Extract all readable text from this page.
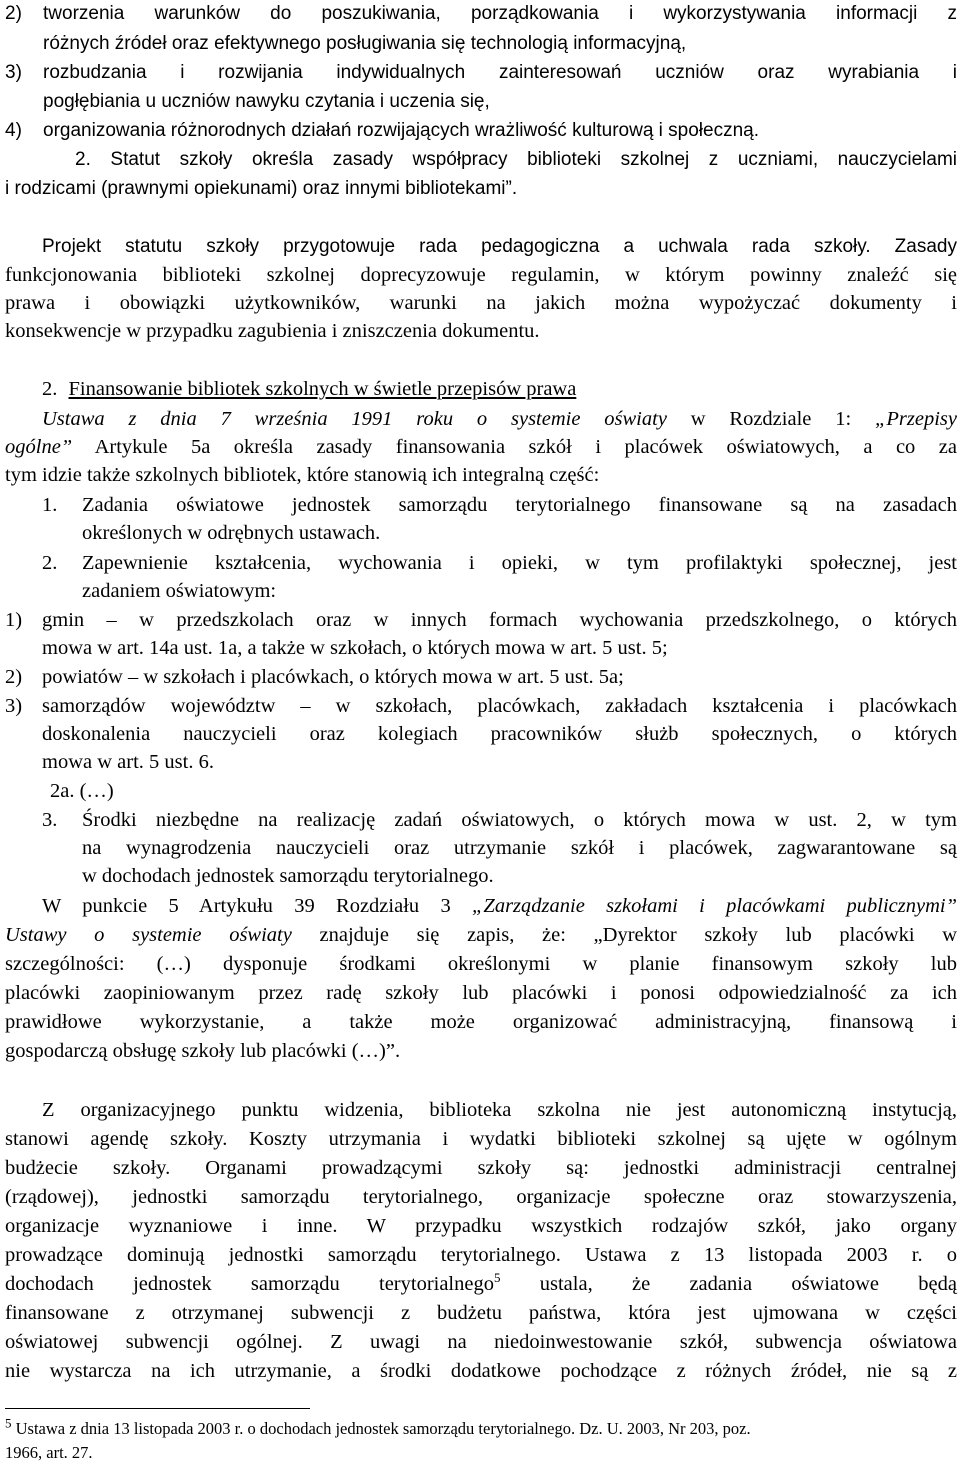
2) tworzenia warunków do poszukiwania, porządkowania i wykorzystywania informacji z
różnych źródeł oraz efektywnego posługiwania się technologią informacyjną,
3) rozbudzania i rozwijania indywidualnych zainteresowań uczniów oraz wyrabiania i
pogłębiania u uczniów nawyku czytania i uczenia się,
4) organizowania różnorodnych działań rozwijających wrażliwość kulturową i społeczną.
2. Statut szkoły określa zasady współpracy biblioteki szkolnej z uczniami, nauczycielami
i rodzicami (prawnymi opiekunami) oraz innymi bibliotekami”.
Projekt statutu szkoły przygotowuje rada pedagogiczna a uchwala rada szkoły. Zasady
funkcjonowania biblioteki szkolnej doprecyzowuje regulamin, w którym powinny znaleźć się
prawa i obowiązki użytkowników, warunki na jakich można wypożyczać dokumenty i
konsekwencje w przypadku zagubienia i zniszczenia dokumentu.
2. Finansowanie bibliotek szkolnych w świetle przepisów prawa
Ustawa z dnia 7 września 1991 roku o systemie oświaty w Rozdziale 1: „Przepisy
ogólne” Artykule 5a określa zasady finansowania szkół i placówek oświatowych, a co za
tym idzie także szkolnych bibliotek, które stanowią ich integralną część:
1. Zadania oświatowe jednostek samorządu terytorialnego finansowane są na zasadach
określonych w odrębnych ustawach.
2. Zapewnienie kształcenia, wychowania i opieki, w tym profilaktyki społecznej, jest
zadaniem oświatowym:
1) gmin – w przedszkolach oraz w innych formach wychowania przedszkolnego, o których
mowa w art. 14a ust. 1a, a także w szkołach, o których mowa w art. 5 ust. 5;
2) powiatów – w szkołach i placówkach, o których mowa w art. 5 ust. 5a;
3) samorządów województw – w szkołach, placówkach, zakładach kształcenia i placówkach
doskonalenia nauczycieli oraz kolegiach pracowników służb społecznych, o których
mowa w art. 5 ust. 6.
2a. (…)
3. Środki niezbędne na realizację zadań oświatowych, o których mowa w ust. 2, w tym
na wynagrodzenia nauczycieli oraz utrzymanie szkół i placówek, zagwarantowane są
w dochodach jednostek samorządu terytorialnego.
W punkcie 5 Artykułu 39 Rozdziału 3 „Zarządzanie szkołami i placówkami publicznymi”
Ustawy o systemie oświaty znajduje się zapis, że: „Dyrektor szkoły lub placówki w
szczególności: (…) dysponuje środkami określonymi w planie finansowym szkoły lub
placówki zaopiniowanym przez radę szkoły lub placówki i ponosi odpowiedzialność za ich
prawidłowe wykorzystanie, a także może organizować administracyjną, finansową i
gospodarczą obsługę szkoły lub placówki (…)”.
Z organizacyjnego punktu widzenia, biblioteka szkolna nie jest autonomiczną instytucją,
stanowi agendę szkoły. Koszty utrzymania i wydatki biblioteki szkolnej są ujęte w ogólnym
budżecie szkoły. Organami prowadzącymi szkoły są: jednostki administracji centralnej
(rządowej), jednostki samorządu terytorialnego, organizacje społeczne oraz stowarzyszenia,
organizacje wyznaniowe i inne. W przypadku wszystkich rodzajów szkół, jako organy
prowadzące dominują jednostki samorządu terytorialnego. Ustawa z 13 listopada 2003 r. o
dochodach jednostek samorządu terytorialnego$^5$ ustala, że zadania oświatowe będą
finansowane z otrzymanej subwencji z budżetu państwa, która jest ujmowana w części
oświatowej subwencji ogólnej. Z uwagi na niedoinwestowanie szkół, subwencja oświatowa
nie wystarcza na ich utrzymanie, a środki dodatkowe pochodzące z różnych źródeł, nie są z
$^5$ Ustawa z dnia 13 listopada 2003 r. o dochodach jednostek samorządu terytorialnego. Dz. U. 2003, Nr 203, poz.
1966, art. 27.
